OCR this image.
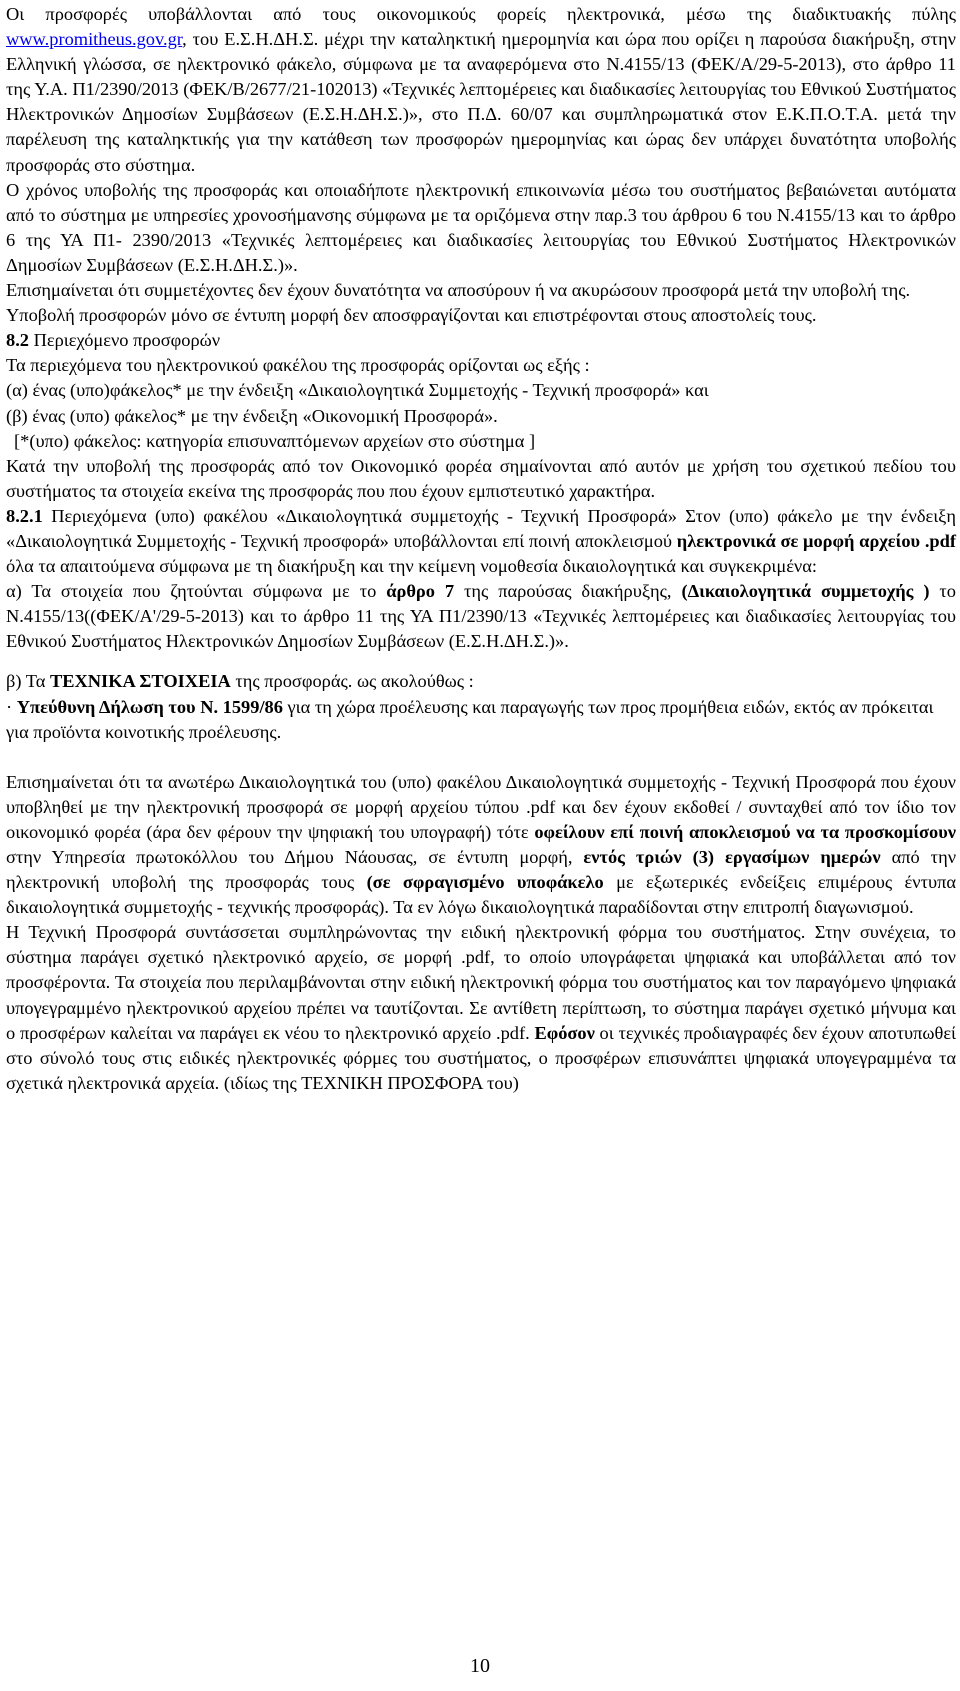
Οι προσφορές υποβάλλονται από τους οικονομικούς φορείς ηλεκτρονικά, μέσω της διαδικτυακής πύλης www.promitheus.gov.gr, του Ε.Σ.Η.ΔΗ.Σ. μέχρι την καταληκτική ημερομηνία και ώρα που ορίζει η παρούσα διακήρυξη, στην Ελληνική γλώσσα, σε ηλεκτρονικό φάκελο, σύμφωνα με τα αναφερόμενα στο Ν.4155/13 (ΦΕΚ/Α/29-5-2013), στο άρθρο 11 της Υ.Α. Π1/2390/2013 (ΦΕΚ/Β/2677/21-102013) «Τεχνικές λεπτομέρειες και διαδικασίες λειτουργίας του Εθνικού Συστήματος Ηλεκτρονικών Δημοσίων Συμβάσεων (Ε.Σ.Η.ΔΗ.Σ.)», στο Π.Δ. 60/07 και συμπληρωματικά στον Ε.Κ.Π.Ο.Τ.Α. μετά την παρέλευση της καταληκτικής για την κατάθεση των προσφορών ημερομηνίας και ώρας δεν υπάρχει δυνατότητα υποβολής προσφοράς στο σύστημα.

Ο χρόνος υποβολής της προσφοράς και οποιαδήποτε ηλεκτρονική επικοινωνία μέσω του συστήματος βεβαιώνεται αυτόματα από το σύστημα με υπηρεσίες χρονοσήμανσης σύμφωνα με τα οριζόμενα στην παρ.3 του άρθρου 6 του Ν.4155/13 και το άρθρο 6 της ΥΑ Π1- 2390/2013 «Τεχνικές λεπτομέρειες και διαδικασίες λειτουργίας του Εθνικού Συστήματος Ηλεκτρονικών Δημοσίων Συμβάσεων (Ε.Σ.Η.ΔΗ.Σ.)».

Επισημαίνεται ότι συμμετέχοντες δεν έχουν δυνατότητα να αποσύρουν ή να ακυρώσουν προσφορά μετά την υποβολή της.

Υποβολή προσφορών μόνο σε έντυπη μορφή δεν αποσφραγίζονται και επιστρέφονται στους αποστολείς τους.

8.2 Περιεχόμενο προσφορών

Τα περιεχόμενα του ηλεκτρονικού φακέλου της προσφοράς ορίζονται ως εξής :

(α) ένας (υπο)φάκελος* με την ένδειξη «Δικαιολογητικά Συμμετοχής - Τεχνική προσφορά» και

(β) ένας (υπο) φάκελος* με την ένδειξη «Οικονομική Προσφορά».

[*(υπο) φάκελος: κατηγορία επισυναπτόμενων αρχείων στο σύστημα ]

Κατά την υποβολή της προσφοράς από τον Οικονομικό φορέα σημαίνονται από αυτόν με χρήση του σχετικού πεδίου του συστήματος τα στοιχεία εκείνα της προσφοράς που που έχουν εμπιστευτικό χαρακτήρα.

8.2.1 Περιεχόμενα (υπο) φακέλου «Δικαιολογητικά συμμετοχής - Τεχνική Προσφορά» Στον (υπο) φάκελο με την ένδειξη «Δικαιολογητικά Συμμετοχής - Τεχνική προσφορά» υποβάλλονται επί ποινή αποκλεισμού ηλεκτρονικά σε μορφή αρχείου .pdf όλα τα απαιτούμενα σύμφωνα με τη διακήρυξη και την κείμενη νομοθεσία δικαιολογητικά και συγκεκριμένα:

α) Τα στοιχεία που ζητούνται σύμφωνα με το άρθρο 7 της παρούσας διακήρυξης, (Δικαιολογητικά συμμετοχής ) το Ν.4155/13((ΦΕΚ/Α'/29-5-2013) και το άρθρο 11 της ΥΑ Π1/2390/13 «Τεχνικές λεπτομέρειες και διαδικασίες λειτουργίας του Εθνικού Συστήματος Ηλεκτρονικών Δημοσίων Συμβάσεων (Ε.Σ.Η.ΔΗ.Σ.)».

β) Τα ΤΕΧΝΙΚΑ ΣΤΟΙΧΕΙΑ της προσφοράς. ως ακολούθως :

· Υπεύθυνη Δήλωση του Ν. 1599/86 για τη χώρα προέλευσης και παραγωγής των προς προμήθεια ειδών, εκτός αν πρόκειται για προϊόντα κοινοτικής προέλευσης.

Επισημαίνεται ότι τα ανωτέρω Δικαιολογητικά του (υπο) φακέλου Δικαιολογητικά συμμετοχής - Τεχνική Προσφορά που έχουν υποβληθεί με την ηλεκτρονική προσφορά σε μορφή αρχείου τύπου .pdf και δεν έχουν εκδοθεί / συνταχθεί από τον ίδιο τον οικονομικό φορέα (άρα δεν φέρουν την ψηφιακή του υπογραφή) τότε οφείλουν επί ποινή αποκλεισμού να τα προσκομίσουν στην Υπηρεσία πρωτοκόλλου του Δήμου Νάουσας, σε έντυπη μορφή, εντός τριών (3) εργασίμων ημερών από την ηλεκτρονική υποβολή της προσφοράς τους (σε σφραγισμένο υποφάκελο με εξωτερικές ενδείξεις επιμέρους έντυπα δικαιολογητικά συμμετοχής - τεχνικής προσφοράς). Τα εν λόγω δικαιολογητικά παραδίδονται στην επιτροπή διαγωνισμού.

Η Τεχνική Προσφορά συντάσσεται συμπληρώνοντας την ειδική ηλεκτρονική φόρμα του συστήματος. Στην συνέχεια, το σύστημα παράγει σχετικό ηλεκτρονικό αρχείο, σε μορφή .pdf, το οποίο υπογράφεται ψηφιακά και υποβάλλεται από τον προσφέροντα. Τα στοιχεία που περιλαμβάνονται στην ειδική ηλεκτρονική φόρμα του συστήματος και τον παραγόμενο ψηφιακά υπογεγραμμένο ηλεκτρονικού αρχείου πρέπει να ταυτίζονται. Σε αντίθετη περίπτωση, το σύστημα παράγει σχετικό μήνυμα και ο προσφέρων καλείται να παράγει εκ νέου το ηλεκτρονικό αρχείο .pdf. Εφόσον οι τεχνικές προδιαγραφές δεν έχουν αποτυπωθεί στο σύνολό τους στις ειδικές ηλεκτρονικές φόρμες του συστήματος, ο προσφέρων επισυνάπτει ψηφιακά υπογεγραμμένα τα σχετικά ηλεκτρονικά αρχεία. (ιδίως της ΤΕΧΝΙΚΗ ΠΡΟΣΦΟΡΑ του)

10
